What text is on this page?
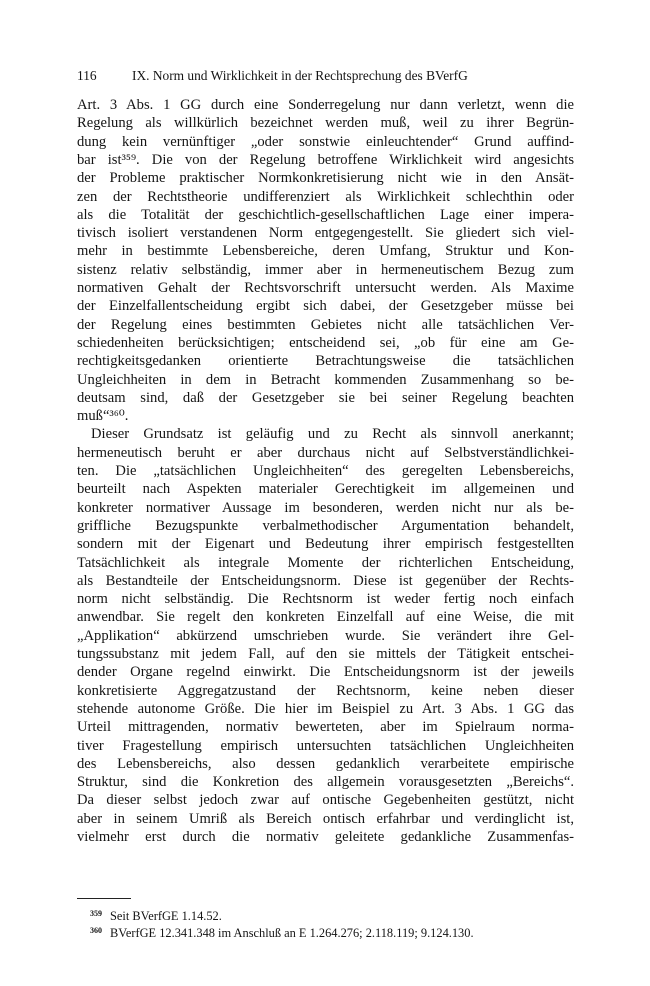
116	IX. Norm und Wirklichkeit in der Rechtsprechung des BVerfG
Art. 3 Abs. 1 GG durch eine Sonderregelung nur dann verletzt, wenn die
Regelung als willkürlich bezeichnet werden muß, weil zu ihrer Begrün-
dung kein vernünftiger „oder sonstwie einleuchtender“ Grund auffind-
bar ist³⁵⁹. Die von der Regelung betroffene Wirklichkeit wird angesichts
der Probleme praktischer Normkonkretisierung nicht wie in den Ansät-
zen der Rechtstheorie undifferenziert als Wirklichkeit schlechthin oder
als die Totalität der geschichtlich-gesellschaftlichen Lage einer impera-
tivisch isoliert verstandenen Norm entgegengestellt. Sie gliedert sich viel-
mehr in bestimmte Lebensbereiche, deren Umfang, Struktur und Kon-
sistenz relativ selbständig, immer aber in hermeneutischem Bezug zum
normativen Gehalt der Rechtsvorschrift untersucht werden. Als Maxime
der Einzelfallentscheidung ergibt sich dabei, der Gesetzgeber müsse bei
der Regelung eines bestimmten Gebietes nicht alle tatsächlichen Ver-
schiedenheiten berücksichtigen; entscheidend sei, „ob für eine am Ge-
rechtigkeitsgedanken orientierte Betrachtungsweise die tatsächlichen
Ungleichheiten in dem in Betracht kommenden Zusammenhang so be-
deutsam sind, daß der Gesetzgeber sie bei seiner Regelung beachten
muß“³⁶⁰.
Dieser Grundsatz ist geläufig und zu Recht als sinnvoll anerkannt;
hermeneutisch beruht er aber durchaus nicht auf Selbstverständlichkei-
ten. Die „tatsächlichen Ungleichheiten“ des geregelten Lebensbereichs,
beurteilt nach Aspekten materialer Gerechtigkeit im allgemeinen und
konkreter normativer Aussage im besonderen, werden nicht nur als be-
griffliche Bezugspunkte verbalmethodischer Argumentation behandelt,
sondern mit der Eigenart und Bedeutung ihrer empirisch festgestellten
Tatsächlichkeit als integrale Momente der richterlichen Entscheidung,
als Bestandteile der Entscheidungsnorm. Diese ist gegenüber der Rechts-
norm nicht selbständig. Die Rechtsnorm ist weder fertig noch einfach
anwendbar. Sie regelt den konkreten Einzelfall auf eine Weise, die mit
„Applikation“ abkürzend umschrieben wurde. Sie verändert ihre Gel-
tungssubstanz mit jedem Fall, auf den sie mittels der Tätigkeit entschei-
dender Organe regelnd einwirkt. Die Entscheidungsnorm ist der jeweils
konkretisierte Aggregatzustand der Rechtsnorm, keine neben dieser
stehende autonome Größe. Die hier im Beispiel zu Art. 3 Abs. 1 GG das
Urteil mittragenden, normativ bewerteten, aber im Spielraum norma-
tiver Fragestellung empirisch untersuchten tatsächlichen Ungleichheiten
des Lebensbereichs, also dessen gedanklich verarbeitete empirische
Struktur, sind die Konkretion des allgemein vorausgesetzten „Bereichs“.
Da dieser selbst jedoch zwar auf ontische Gegebenheiten gestützt, nicht
aber in seinem Umriß als Bereich ontisch erfahrbar und verdinglicht ist,
vielmehr erst durch die normativ geleitete gedankliche Zusammenfas-
359 Seit BVerfGE 1.14.52.
360 BVerfGE 12.341.348 im Anschluß an E 1.264.276; 2.118.119; 9.124.130.
